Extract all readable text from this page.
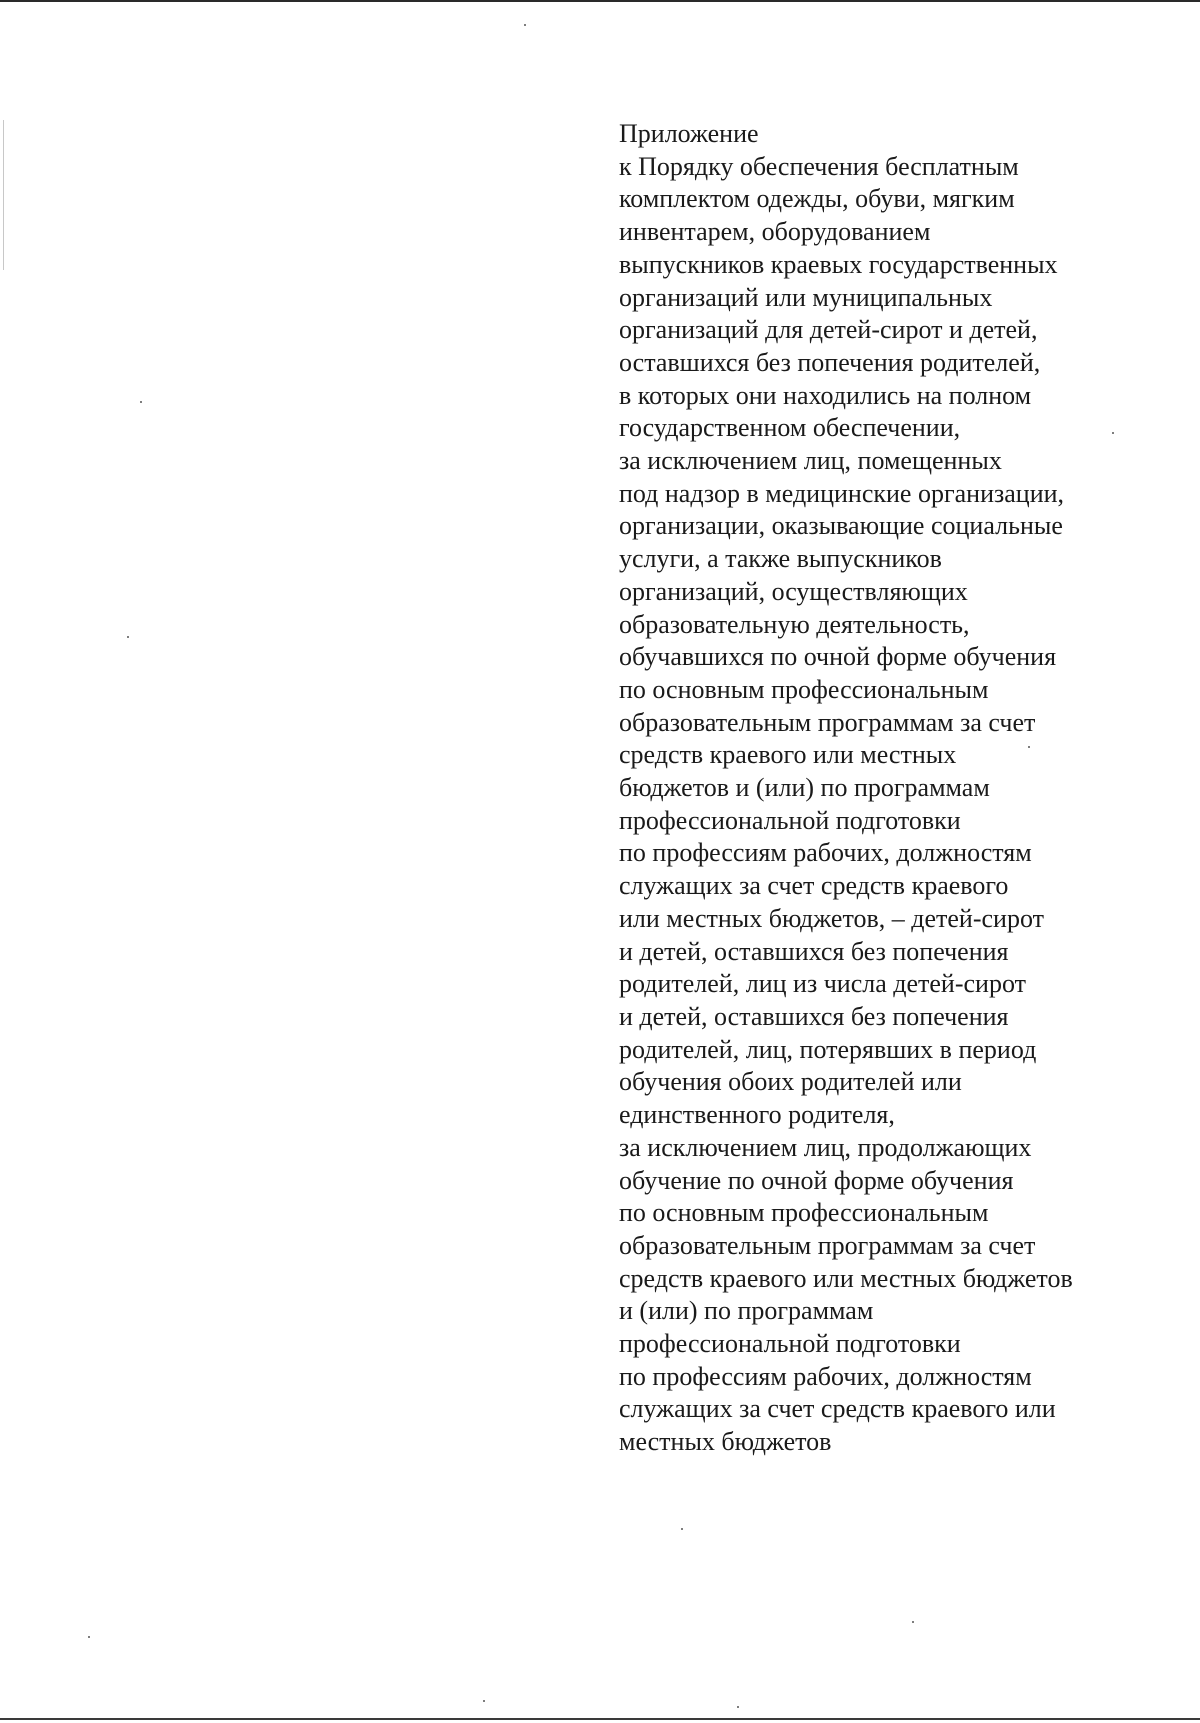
Приложение
к Порядку обеспечения бесплатным
комплектом одежды, обуви, мягким
инвентарем, оборудованием
выпускников краевых государственных
организаций или муниципальных
организаций для детей-сирот и детей,
оставшихся без попечения родителей,
в которых они находились на полном
государственном обеспечении,
за исключением лиц, помещенных
под надзор в медицинские организации,
организации, оказывающие социальные
услуги, а также выпускников
организаций, осуществляющих
образовательную деятельность,
обучавшихся по очной форме обучения
по основным профессиональным
образовательным программам за счет
средств краевого или местных
бюджетов и (или) по программам
профессиональной подготовки
по профессиям рабочих, должностям
служащих за счет средств краевого
или местных бюджетов, – детей-сирот
и детей, оставшихся без попечения
родителей, лиц из числа детей-сирот
и детей, оставшихся без попечения
родителей, лиц, потерявших в период
обучения обоих родителей или
единственного родителя,
за исключением лиц, продолжающих
обучение по очной форме обучения
по основным профессиональным
образовательным программам за счет
средств краевого или местных бюджетов
и (или) по программам
профессиональной подготовки
по профессиям рабочих, должностям
служащих за счет средств краевого или
местных бюджетов
